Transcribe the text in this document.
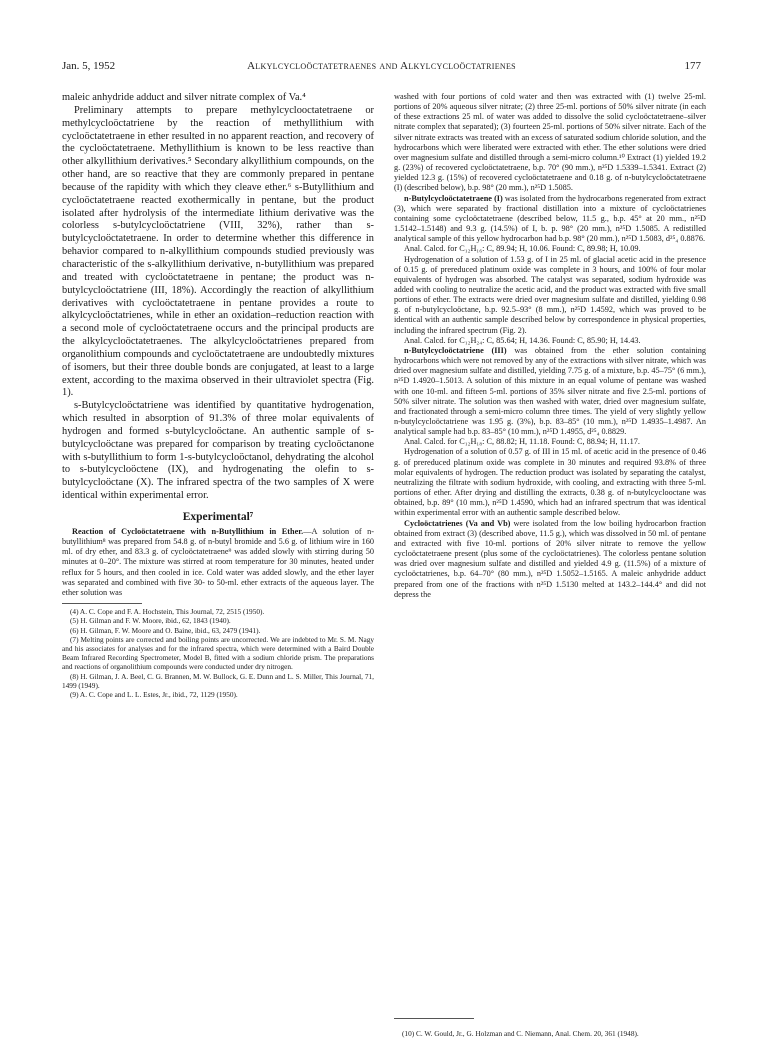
Jan. 5, 1952	Alkylcycloöctatetraenes and Alkylcycloöctatrienes	177

maleic anhydride adduct and silver nitrate complex of Va.⁴

Preliminary attempts to prepare methylcyclooctatetraene or methylcycloöctatriene by the reaction of methyllithium with cycloöctatetraene in ether resulted in no apparent reaction, and recovery of the cycloöctatetraene. Methyllithium is known to be less reactive than other alkyllithium derivatives.⁵ Secondary alkyllithium compounds, on the other hand, are so reactive that they are commonly prepared in pentane because of the rapidity with which they cleave ether.⁶ s-Butyllithium and cycloöctatetraene reacted exothermically in pentane, but the product isolated after hydrolysis of the intermediate lithium derivative was the colorless s-butylcycloöctatriene (VIII, 32%), rather than s-butylcycloöctatetraene. In order to determine whether this difference in behavior compared to n-alkyllithium compounds studied previously was characteristic of the s-alkyllithium derivative, n-butyllithium was prepared and treated with cycloöctatetraene in pentane; the product was n-butylcycloöctatriene (III, 18%). Accordingly the reaction of alkyllithium derivatives with cycloöctatetraene in pentane provides a route to alkylcycloöctatrienes, while in ether an oxidation–reduction reaction with a second mole of cycloöctatetraene occurs and the principal products are the alkylcycloöctatetraenes. The alkylcycloöctatrienes prepared from organolithium compounds and cycloöctatetraene are undoubtedly mixtures of isomers, but their three double bonds are conjugated, at least to a large extent, according to the maxima observed in their ultraviolet spectra (Fig. 1).

s-Butylcycloöctatriene was identified by quantitative hydrogenation, which resulted in absorption of 91.3% of three molar equivalents of hydrogen and formed s-butylcycloöctane. An authentic sample of s-butylcycloöctane was prepared for comparison by treating cycloöctanone with s-butyllithium to form 1-s-butylcycloöctanol, dehydrating the alcohol to s-butylcycloöctene (IX), and hydrogenating the olefin to s-butylcycloöctane (X). The infrared spectra of the two samples of X were identical within experimental error.

Experimental⁷

Reaction of Cycloöctatetraene with n-Butyllithium in Ether.—A solution of n-butyllithium⁸ was prepared from 54.8 g. of n-butyl bromide and 5.6 g. of lithium wire in 160 ml. of dry ether, and 83.3 g. of cycloöctatetraene⁹ was added slowly with stirring during 50 minutes at 0–20°. The mixture was stirred at room temperature for 30 minutes, heated under reflux for 5 hours, and then cooled in ice. Cold water was added slowly, and the ether layer was separated and combined with five 30- to 50-ml. ether extracts of the aqueous layer. The ether solution was

(4) A. C. Cope and F. A. Hochstein, This Journal, 72, 2515 (1950).

(5) H. Gilman and F. W. Moore, ibid., 62, 1843 (1940).

(6) H. Gilman, F. W. Moore and O. Baine, ibid., 63, 2479 (1941).

(7) Melting points are corrected and boiling points are uncorrected. We are indebted to Mr. S. M. Nagy and his associates for analyses and for the infrared spectra, which were determined with a Baird Double Beam Infrared Recording Spectrometer, Model B, fitted with a sodium chloride prism. The preparations and reactions of organolithium compounds were conducted under dry nitrogen.

(8) H. Gilman, J. A. Beel, C. G. Brannen, M. W. Bullock, G. E. Dunn and L. S. Miller, This Journal, 71, 1499 (1949).

(9) A. C. Cope and L. L. Estes, Jr., ibid., 72, 1129 (1950).

washed with four portions of cold water and then was extracted with (1) twelve 25-ml. portions of 20% aqueous silver nitrate; (2) three 25-ml. portions of 50% silver nitrate (in each of these extractions 25 ml. of water was added to dissolve the solid cycloöctatetraene–silver nitrate complex that separated); (3) fourteen 25-ml. portions of 50% silver nitrate. Each of the silver nitrate extracts was treated with an excess of saturated sodium chloride solution, and the hydrocarbons which were liberated were extracted with ether. The ether solutions were dried over magnesium sulfate and distilled through a semi-micro column.¹⁰ Extract (1) yielded 19.2 g. (23%) of recovered cycloöctatetraene, b.p. 70° (90 mm.), n²⁵D 1.5339–1.5341. Extract (2) yielded 12.3 g. (15%) of recovered cycloöctatetraene and 0.18 g. of n-butylcycloöctatetraene (I) (described below), b.p. 98° (20 mm.), n²⁵D 1.5085.

n-Butylcycloöctatetraene (I) was isolated from the hydrocarbons regenerated from extract (3), which were separated by fractional distillation into a mixture of cycloöctatrienes containing some cycloöctatetraene (described below, 11.5 g., b.p. 45° at 20 mm., n²⁵D 1.5142–1.5148) and 9.3 g. (14.5%) of I, b. p. 98° (20 mm.), n²⁵D 1.5085. A redistilled analytical sample of this yellow hydrocarbon had b.p. 98° (20 mm.), n²⁵D 1.5083, d²⁵₄ 0.8876.

Anal. Calcd. for C₁₂H₁₆: C, 89.94; H, 10.06. Found: C, 89.98; H, 10.09.

Hydrogenation of a solution of 1.53 g. of I in 25 ml. of glacial acetic acid in the presence of 0.15 g. of prereduced platinum oxide was complete in 3 hours, and 100% of four molar equivalents of hydrogen was absorbed. The catalyst was separated, sodium hydroxide was added with cooling to neutralize the acetic acid, and the product was extracted with five small portions of ether. The extracts were dried over magnesium sulfate and distilled, yielding 0.98 g. of n-butylcycloöctane, b.p. 92.5–93° (8 mm.), n²⁵D 1.4592, which was proved to be identical with an authentic sample described below by correspondence in physical properties, including the infrared spectrum (Fig. 2).

Anal. Calcd. for C₁₂H₂₄: C, 85.64; H, 14.36. Found: C, 85.90; H, 14.43.

n-Butylcycloöctatriene (III) was obtained from the ether solution containing hydrocarbons which were not removed by any of the extractions with silver nitrate, which was dried over magnesium sulfate and distilled, yielding 7.75 g. of a mixture, b.p. 45–75° (6 mm.), n²⁵D 1.4920–1.5013. A solution of this mixture in an equal volume of pentane was washed with one 10-ml. and fifteen 5-ml. portions of 35% silver nitrate and five 2.5-ml. portions of 50% silver nitrate. The solution was then washed with water, dried over magnesium sulfate, and fractionated through a semi-micro column three times. The yield of very slightly yellow n-butylcycloöctatriene was 1.95 g. (3%), b.p. 83–85° (10 mm.), n²⁵D 1.4935–1.4987. An analytical sample had b.p. 83–85° (10 mm.), n²⁵D 1.4955, d²⁵₄ 0.8829.

Anal. Calcd. for C₁₂H₁₈: C, 88.82; H, 11.18. Found: C, 88.94; H, 11.17.

Hydrogenation of a solution of 0.57 g. of III in 15 ml. of acetic acid in the presence of 0.46 g. of prereduced platinum oxide was complete in 30 minutes and required 93.8% of three molar equivalents of hydrogen. The reduction product was isolated by separating the catalyst, neutralizing the filtrate with sodium hydroxide, with cooling, and extracting with three 5-ml. portions of ether. After drying and distilling the extracts, 0.38 g. of n-butylcyclooctane was obtained, b.p. 89° (10 mm.), n²⁵D 1.4590, which had an infrared spectrum that was identical within experimental error with an authentic sample described below.

Cycloöctatrienes (Va and Vb) were isolated from the low boiling hydrocarbon fraction obtained from extract (3) (described above, 11.5 g.), which was dissolved in 50 ml. of pentane and extracted with five 10-ml. portions of 20% silver nitrate to remove the yellow cycloöctatetraene present (plus some of the cycloöctatrienes). The colorless pentane solution was dried over magnesium sulfate and distilled and yielded 4.9 g. (11.5%) of a mixture of cycloöctatrienes, b.p. 64–70° (80 mm.), n²⁵D 1.5052–1.5165. A maleic anhydride adduct prepared from one of the fractions with n²⁵D 1.5130 melted at 143.2–144.4° and did not depress the

(10) C. W. Gould, Jr., G. Holzman and C. Niemann, Anal. Chem. 20, 361 (1948).
